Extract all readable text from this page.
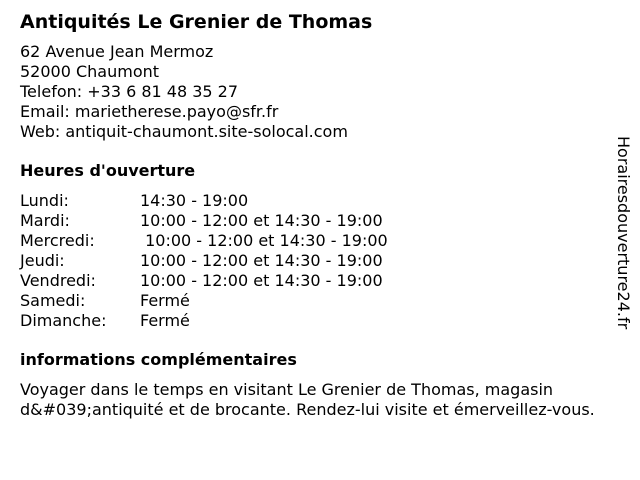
Antiquités Le Grenier de Thomas
62 Avenue Jean Mermoz
52000 Chaumont
Telefon: +33 6 81 48 35 27
Email: marietherese.payo@sfr.fr
Web: antiquit-chaumont.site-solocal.com
Heures d'ouverture
Lundi:	14:30 - 19:00
Mardi:	10:00 - 12:00 et 14:30 - 19:00
Mercredi:	10:00 - 12:00 et 14:30 - 19:00
Jeudi:	10:00 - 12:00 et 14:30 - 19:00
Vendredi:	10:00 - 12:00 et 14:30 - 19:00
Samedi:	Fermé
Dimanche:	Fermé
informations complémentaires
Voyager dans le temps en visitant Le Grenier de Thomas, magasin d&#039;antiquité et de brocante. Rendez-lui visite et émerveillez-vous.
Horairesdouverture24.fr
